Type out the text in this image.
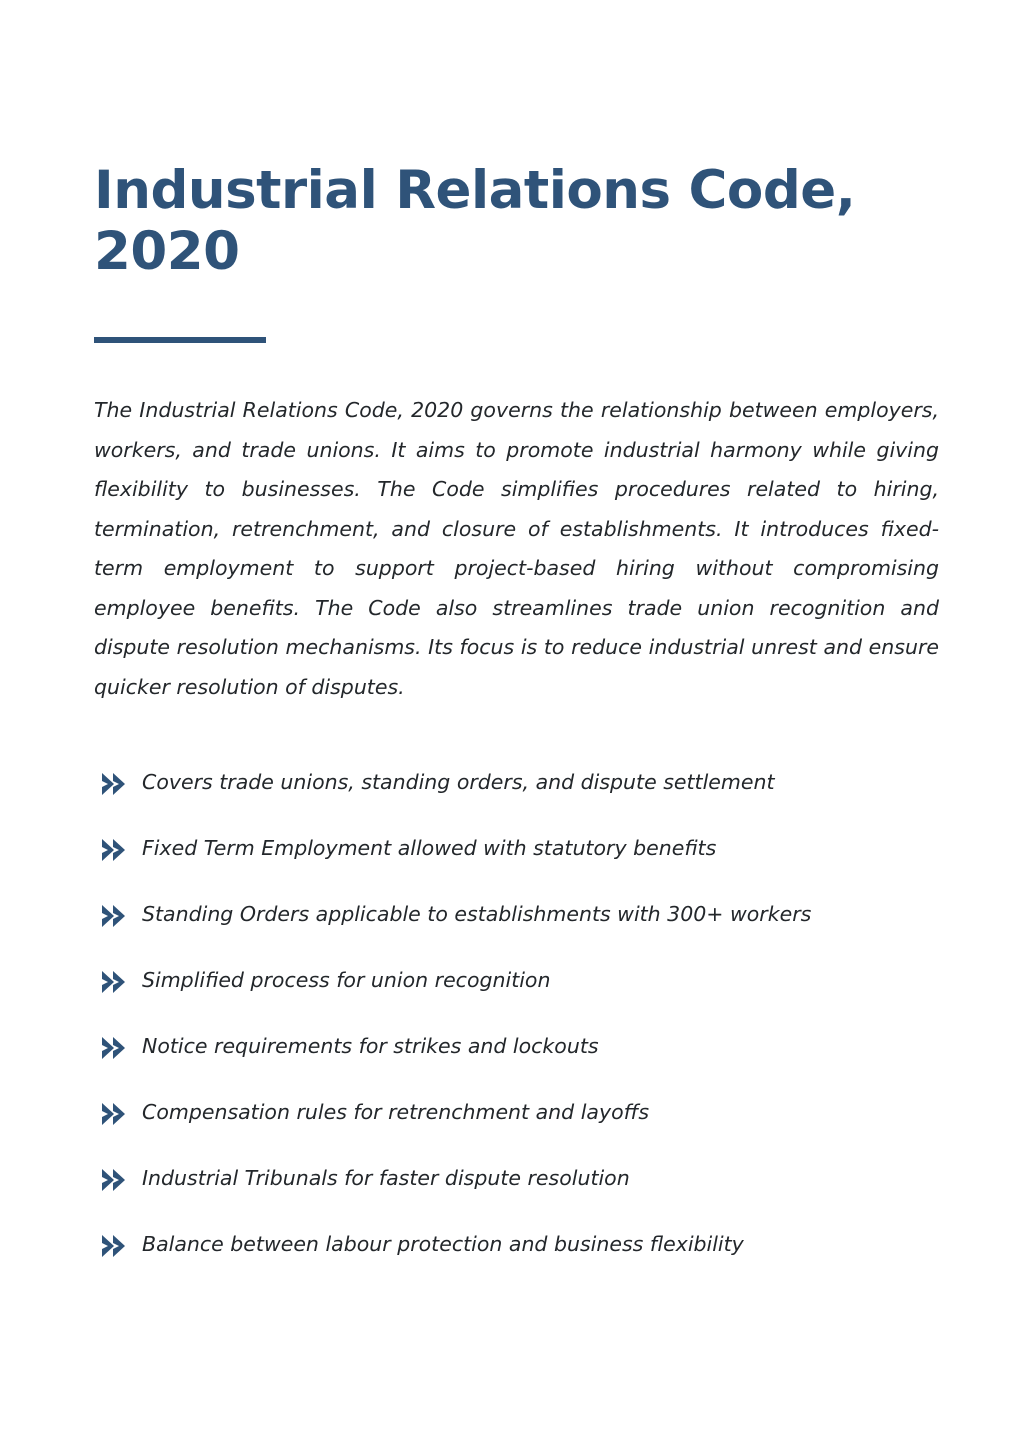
Industrial Relations Code, 2020

The Industrial Relations Code, 2020 governs the relationship between employers, workers, and trade unions. It aims to promote industrial harmony while giving flexibility to businesses. The Code simplifies procedures related to hiring, termination, retrenchment, and closure of establishments. It introduces fixed-term employment to support project-based hiring without compromising employee benefits. The Code also streamlines trade union recognition and dispute resolution mechanisms. Its focus is to reduce industrial unrest and ensure quicker resolution of disputes.

Covers trade unions, standing orders, and dispute settlement
Fixed Term Employment allowed with statutory benefits
Standing Orders applicable to establishments with 300+ workers
Simplified process for union recognition
Notice requirements for strikes and lockouts
Compensation rules for retrenchment and layoffs
Industrial Tribunals for faster dispute resolution
Balance between labour protection and business flexibility
